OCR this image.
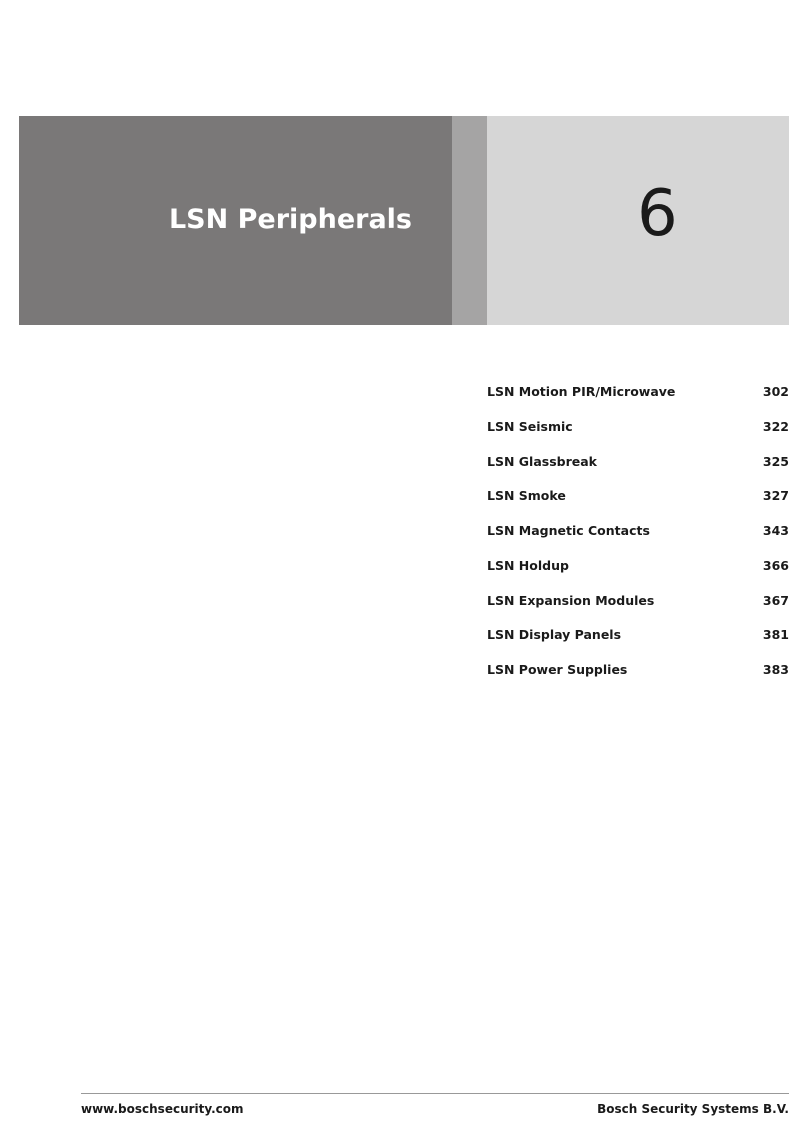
LSN Peripherals	6
LSN Motion PIR/Microwave	302
LSN Seismic	322
LSN Glassbreak	325
LSN Smoke	327
LSN Magnetic Contacts	343
LSN Holdup	366
LSN Expansion Modules	367
LSN Display Panels	381
LSN Power Supplies	383
www.boschsecurity.com	Bosch Security Systems B.V.
